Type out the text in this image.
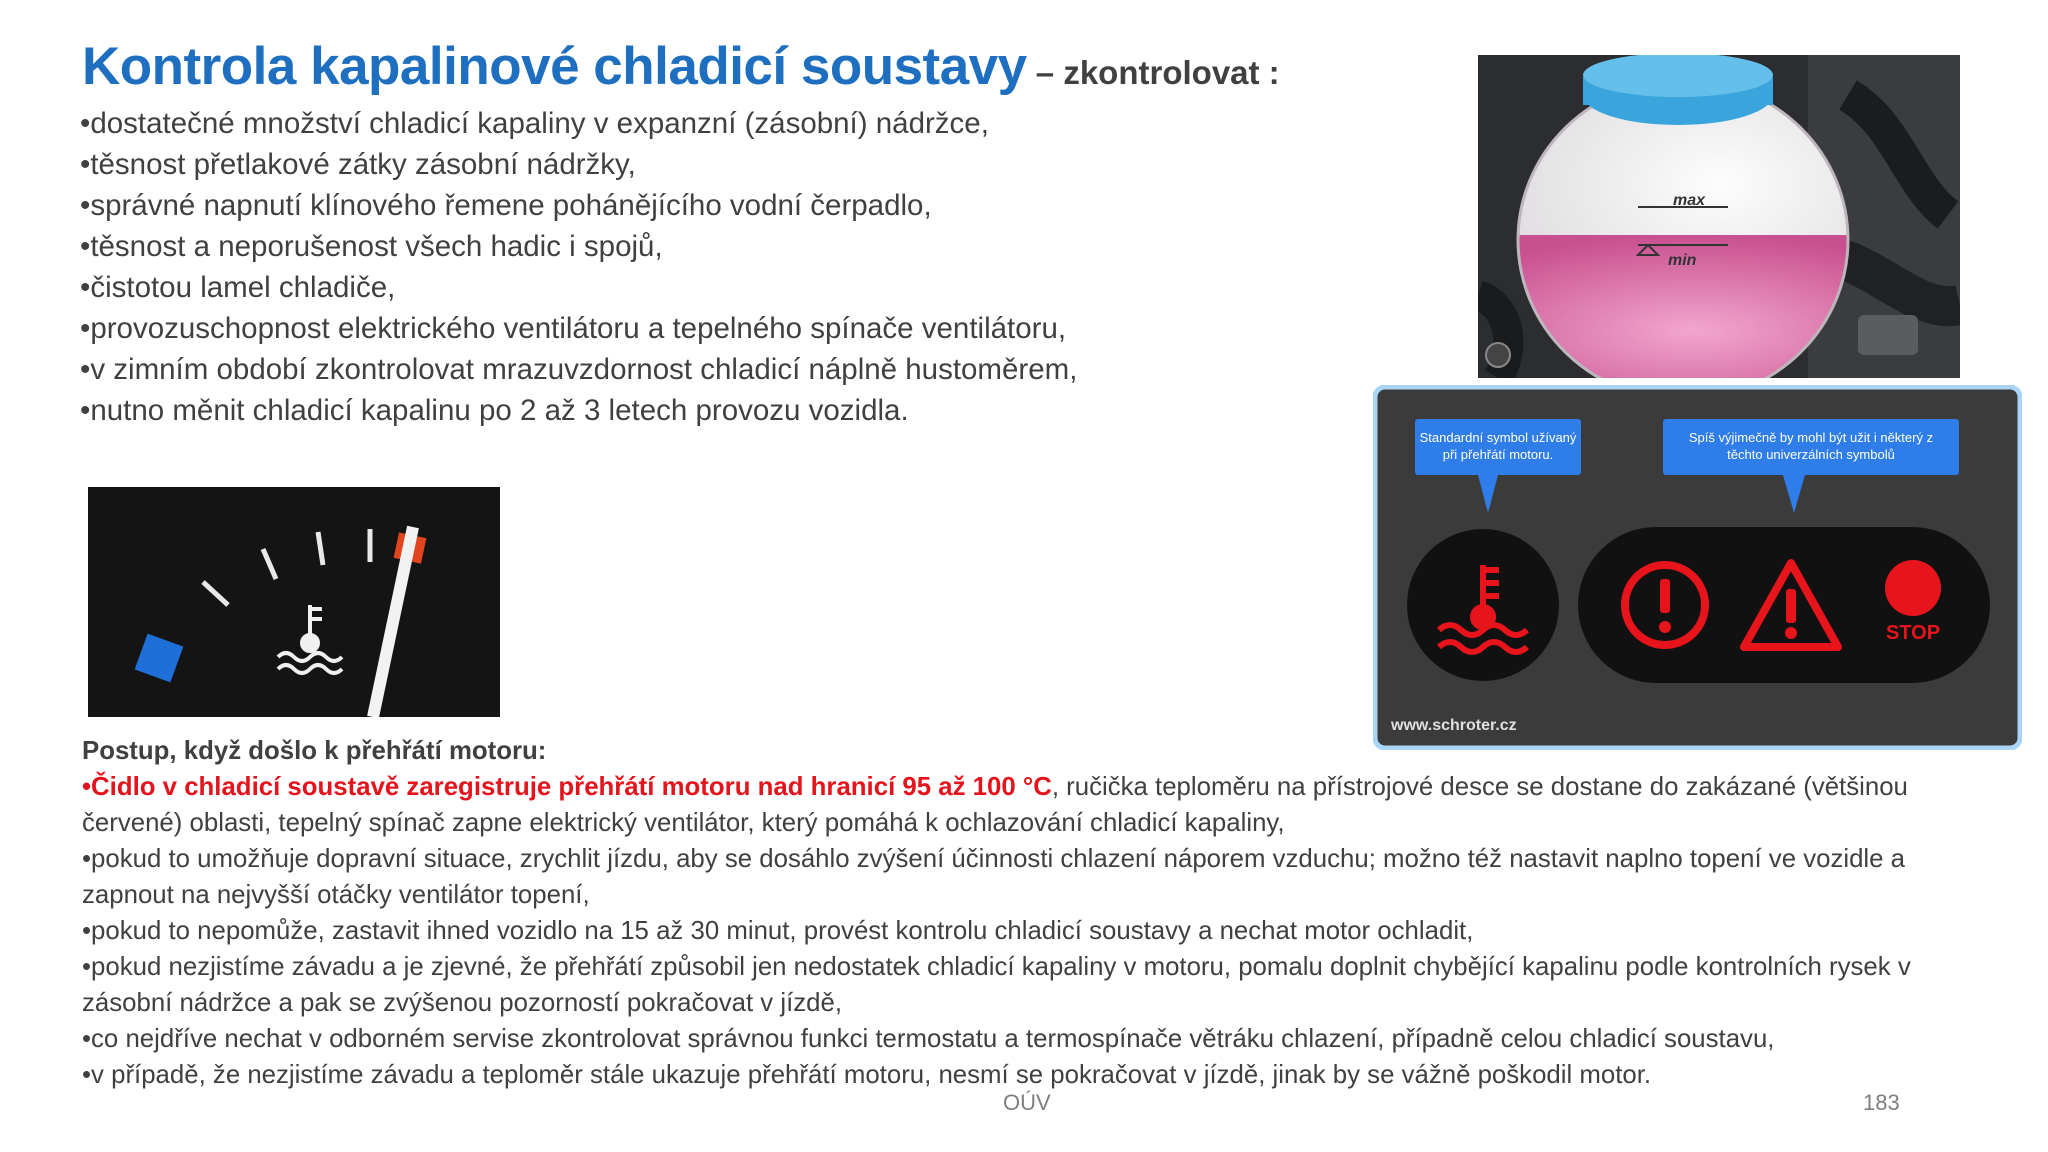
Kontrola kapalinové chladicí soustavy – zkontrolovat :
•dostatečné množství chladicí kapaliny v expanzní (zásobní) nádržce,
•těsnost přetlakové zátky zásobní nádržky,
•správné napnutí klínového řemene pohánějícího vodní čerpadlo,
•těsnost a neporušenost všech hadic i spojů,
•čistotou lamel chladiče,
•provozuschopnost elektrického ventilátoru a tepelného spínače ventilátoru,
•v zimním období zkontrolovat mrazuvzdornost chladicí náplně hustoměrem,
•nutno měnit chladicí kapalinu po 2 až 3 letech provozu vozidla.
max
min
Standardní symbol užívaný při přehřátí motoru.
Spíš výjimečně by mohl být užit i některý z těchto univerzálních symbolů
STOP
www.schroter.cz

Postup, když došlo k přehřátí motoru:

•Čidlo v chladicí soustavě zaregistruje přehřátí motoru nad hranicí 95 až 100 °C, ručička teploměru na přístrojové desce se dostane do zakázané (většinou červené) oblasti, tepelný spínač zapne elektrický ventilátor, který pomáhá k ochlazování chladicí kapaliny,

•pokud to umožňuje dopravní situace, zrychlit jízdu, aby se dosáhlo zvýšení účinnosti chlazení náporem vzduchu; možno též nastavit naplno topení ve vozidle a zapnout na nejvyšší otáčky ventilátor topení,

•pokud to nepomůže, zastavit ihned vozidlo na 15 až 30 minut, provést kontrolu chladicí soustavy a nechat motor ochladit,

•pokud nezjistíme závadu a je zjevné, že přehřátí způsobil jen nedostatek chladicí kapaliny v motoru, pomalu doplnit chybějící kapalinu podle kontrolních rysek v zásobní nádržce a pak se zvýšenou pozorností pokračovat v jízdě,

•co nejdříve nechat v odborném servise zkontrolovat správnou funkci termostatu a termospínače větráku chlazení, případně celou chladicí soustavu,

•v případě, že nezjistíme závadu a teploměr stále ukazuje přehřátí motoru, nesmí se pokračovat v jízdě, jinak by se vážně poškodil motor.

OÚV	183
